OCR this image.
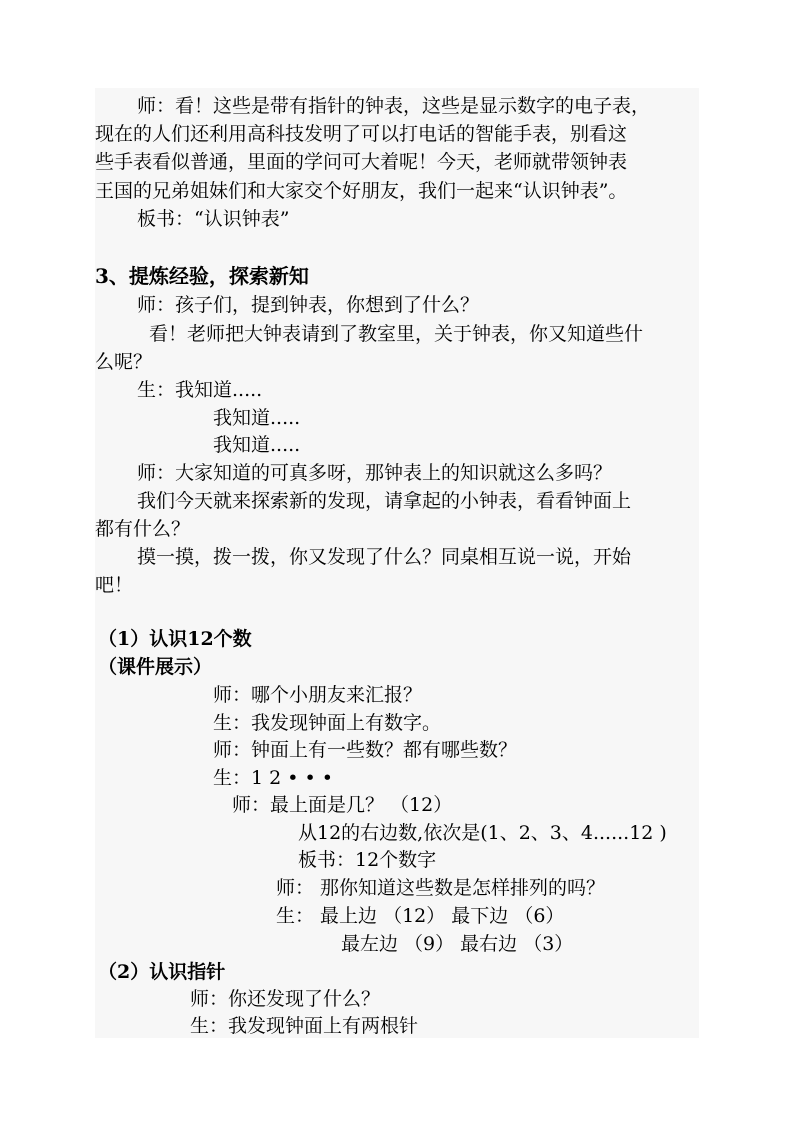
师：看！这些是带有指针的钟表，这些是显示数字的电子表，
现在的人们还利用高科技发明了可以打电话的智能手表，别看这
些手表看似普通，里面的学问可大着呢！今天，老师就带领钟表
王国的兄弟姐妹们和大家交个好朋友，我们一起来“认识钟表”。
板书：“认识钟表”
3、提炼经验，探索新知
师：孩子们，提到钟表，你想到了什么？
看！老师把大钟表请到了教室里，关于钟表，你又知道些什
么呢？
生：我知道.....
我知道.....
我知道.....
师：大家知道的可真多呀，那钟表上的知识就这么多吗？
我们今天就来探索新的发现，请拿起的小钟表，看看钟面上
都有什么？
摸一摸，拨一拨，你又发现了什么？同桌相互说一说，开始
吧！
（1）认识12个数
（课件展示）
师：哪个小朋友来汇报？
生：我发现钟面上有数字。
师：钟面上有一些数？都有哪些数？
生：1 2 • • •
师：最上面是几？ （12）
从12的右边数,依次是(1、2、3、4......12 )
板书：12个数字
师： 那你知道这些数是怎样排列的吗？
生： 最上边 （12） 最下边 （6）
最左边 （9） 最右边 （3）
（2）认识指针
师：你还发现了什么？
生：我发现钟面上有两根针
